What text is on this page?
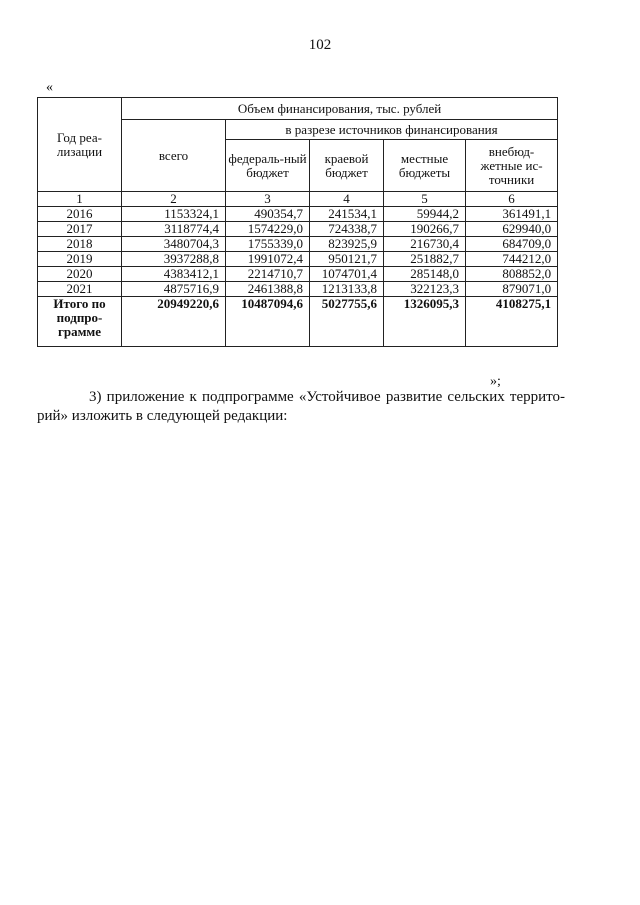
102
«
Год реа-лизации	Объем финансирования, тыс. рублей				
	всего	в разрезе источников финансирования			
		федераль-ный бюджет	краевой бюджет	местные бюджеты	внебюд-жетные ис-точники
1	2	3	4	5	6
2016	1153324,1	490354,7	241534,1	59944,2	361491,1
2017	3118774,4	1574229,0	724338,7	190266,7	629940,0
2018	3480704,3	1755339,0	823925,9	216730,4	684709,0
2019	3937288,8	1991072,4	950121,7	251882,7	744212,0
2020	4383412,1	2214710,7	1074701,4	285148,0	808852,0
2021	4875716,9	2461388,8	1213133,8	322123,3	879071,0
Итого по подпро-грамме	20949220,6	10487094,6	5027755,6	1326095,3	4108275,1
»;
3) приложение к подпрограмме «Устойчивое развитие сельских террито-рий» изложить в следующей редакции:
